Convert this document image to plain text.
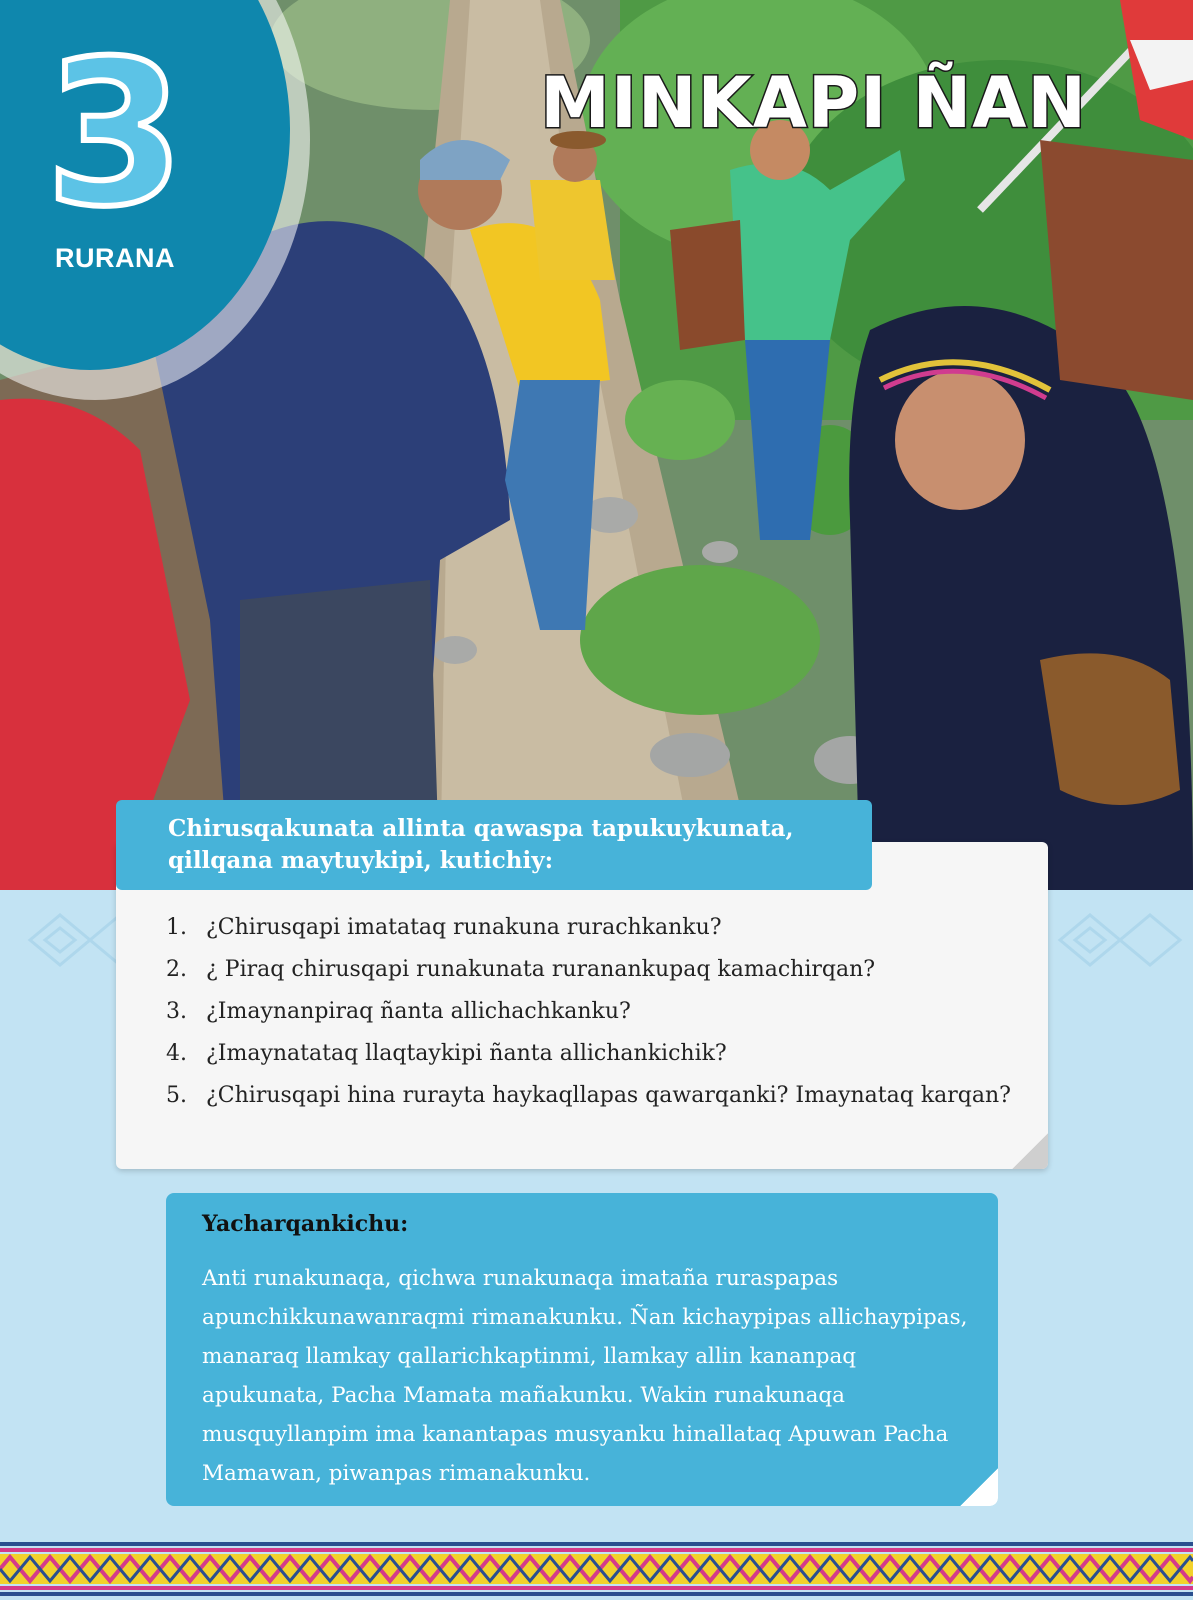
3
RURANA
MINKAPI ÑAN
Chirusqakunata allinta qawaspa tapukuykunata, qillqana maytuykipi, kutichiy:
1. ¿Chirusqapi imatataq runakuna rurachkanku?
2. ¿ Piraq chirusqapi runakunata ruranankupaq kamachirqan?
3. ¿Imaynanpiraq ñanta allichachkanku?
4. ¿Imaynatataq llaqtaykipi ñanta allichankichik?
5. ¿Chirusqapi hina rurayta haykaqllapas qawarqanki? Imaynataq karqan?
Yacharqankichu:
Anti runakunaqa, qichwa runakunaqa imataña ruraspapas apunchikkunawanraqmi rimanakunku. Ñan kichaypipas allichaypipas, manaraq llamkay qallarichkaptinmi, llamkay allin kananpaq apukunata, Pacha Mamata mañakunku. Wakin runakunaqa musquyllanpim ima kanantapas musyanku hinallataq Apuwan Pacha Mamawan, piwanpas rimanakunku.
